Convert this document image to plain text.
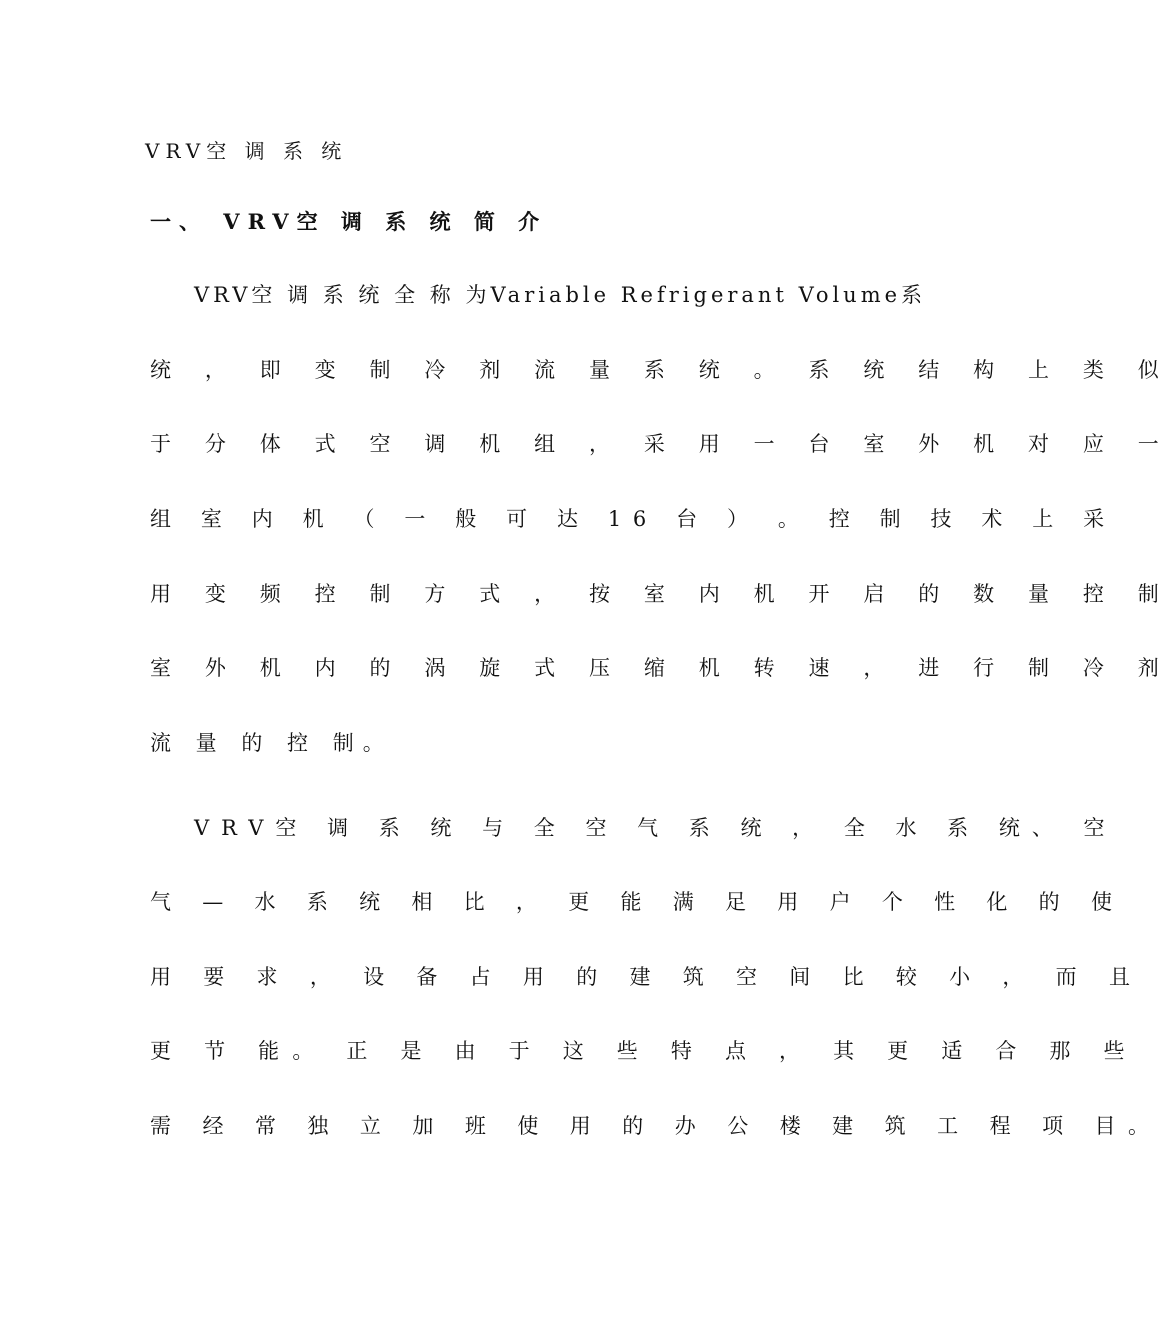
VRV空 调 系 统
一、 VRV空 调 系 统 简 介
VRV空 调 系 统 全 称 为Variable Refrigerant Volume系
统 ， 即 变 制 冷 剂 流 量 系 统 。 系 统 结 构 上 类 似
于 分 体 式 空 调 机 组 ， 采 用 一 台 室 外 机 对 应 一
组 室 内 机 （ 一 般 可 达 16 台 ） 。 控 制 技 术 上 采
用 变 频 控 制 方 式 ， 按 室 内 机 开 启 的 数 量 控 制
室 外 机 内 的 涡 旋 式 压 缩 机 转 速 ， 进 行 制 冷 剂
流 量 的 控 制。
VRV空 调 系 统 与 全 空 气 系 统 ， 全 水 系 统、 空
气 — 水 系 统 相 比 ， 更 能 满 足 用 户 个 性 化 的 使
用 要 求 ， 设 备 占 用 的 建 筑 空 间 比 较 小 ， 而 且
更 节 能。 正 是 由 于 这 些 特 点 ， 其 更 适 合 那 些
需 经 常 独 立 加 班 使 用 的 办 公 楼 建 筑 工 程 项 目。
